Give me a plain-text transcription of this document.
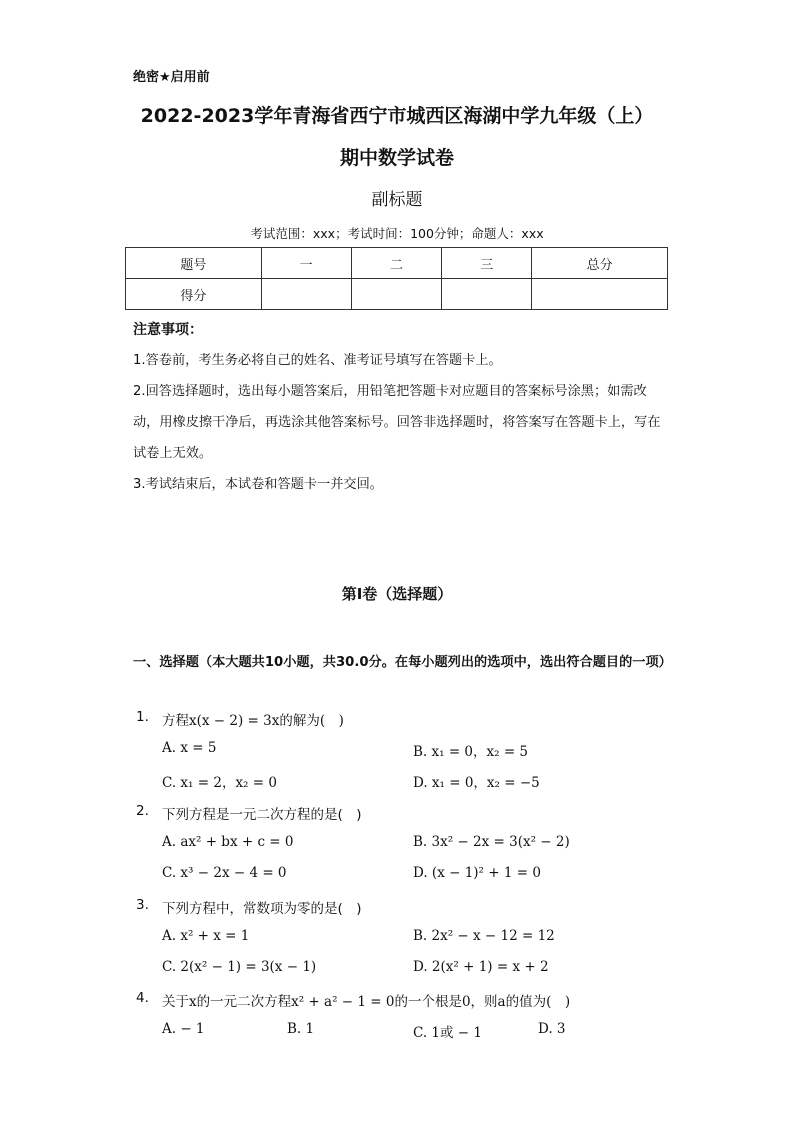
绝密★启用前
2022-2023学年青海省西宁市城西区海湖中学九年级（上）
期中数学试卷
副标题
考试范围：xxx；考试时间：100分钟；命题人：xxx
题号	一	二	三	总分
得分				
注意事项：
1.答卷前，考生务必将自己的姓名、准考证号填写在答题卡上。
2.回答选择题时，选出每小题答案后，用铅笔把答题卡对应题目的答案标号涂黑；如需改动，用橡皮擦干净后，再选涂其他答案标号。回答非选择题时，将答案写在答题卡上，写在试卷上无效。
3.考试结束后，本试卷和答题卡一并交回。
第I卷（选择题）
一、选择题（本大题共10小题，共30.0分。在每小题列出的选项中，选出符合题目的一项）
1. 方程x(x − 2) = 3x的解为(　)
A. x = 5	B. x₁ = 0，x₂ = 5
C. x₁ = 2，x₂ = 0	D. x₁ = 0，x₂ = −5
2. 下列方程是一元二次方程的是(　)
A. ax² + bx + c = 0	B. 3x² − 2x = 3(x² − 2)
C. x³ − 2x − 4 = 0	D. (x − 1)² + 1 = 0
3. 下列方程中，常数项为零的是(　)
A. x² + x = 1	B. 2x² − x − 12 = 12
C. 2(x² − 1) = 3(x − 1)	D. 2(x² + 1) = x + 2
4. 关于x的一元二次方程x² + a² − 1 = 0的一个根是0，则a的值为(　)
A. − 1	B. 1	C. 1或 − 1	D. 3
